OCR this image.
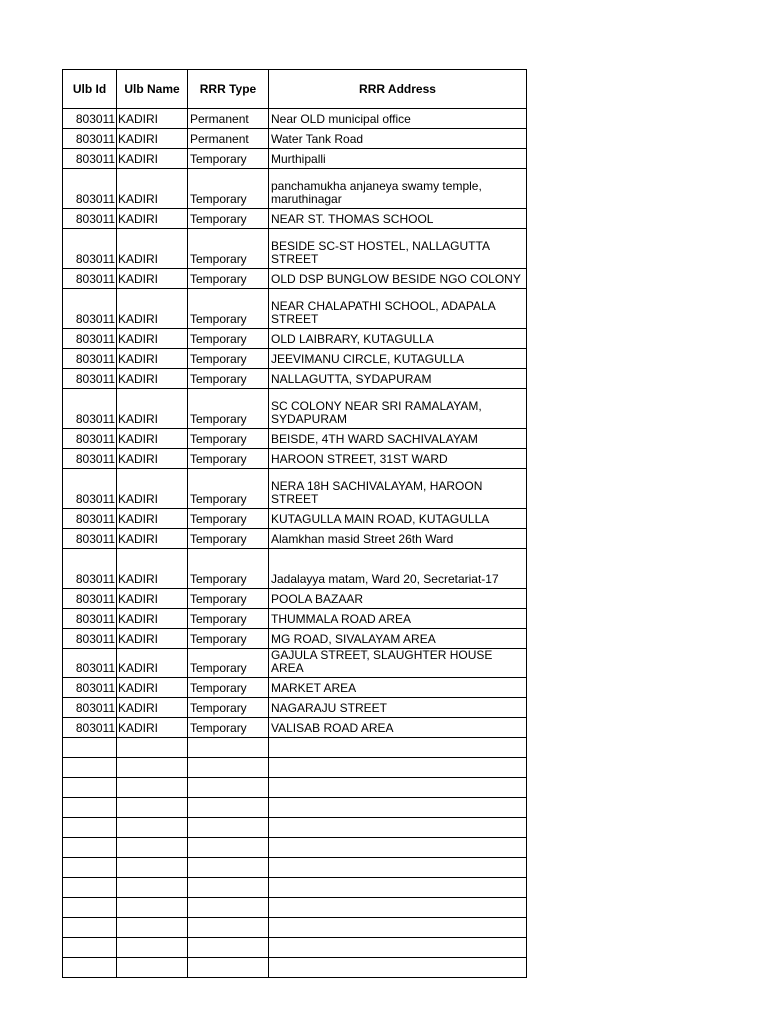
Ulb Id	Ulb Name	RRR Type	RRR Address
803011	KADIRI	Permanent	Near OLD municipal office
803011	KADIRI	Permanent	Water Tank Road
803011	KADIRI	Temporary	Murthipalli
803011	KADIRI	Temporary	panchamukha anjaneya swamy temple, maruthinagar
803011	KADIRI	Temporary	NEAR ST. THOMAS SCHOOL
803011	KADIRI	Temporary	BESIDE SC-ST HOSTEL, NALLAGUTTA STREET
803011	KADIRI	Temporary	OLD DSP BUNGLOW BESIDE NGO COLONY
803011	KADIRI	Temporary	NEAR CHALAPATHI SCHOOL, ADAPALA STREET
803011	KADIRI	Temporary	OLD LAIBRARY, KUTAGULLA
803011	KADIRI	Temporary	JEEVIMANU CIRCLE, KUTAGULLA
803011	KADIRI	Temporary	NALLAGUTTA, SYDAPURAM
803011	KADIRI	Temporary	SC COLONY NEAR SRI RAMALAYAM, SYDAPURAM
803011	KADIRI	Temporary	BEISDE, 4TH WARD SACHIVALAYAM
803011	KADIRI	Temporary	HAROON STREET, 31ST WARD
803011	KADIRI	Temporary	NERA 18H SACHIVALAYAM, HAROON STREET
803011	KADIRI	Temporary	KUTAGULLA MAIN ROAD, KUTAGULLA
803011	KADIRI	Temporary	Alamkhan masid Street 26th Ward
803011	KADIRI	Temporary	Jadalayya matam, Ward 20, Secretariat-17
803011	KADIRI	Temporary	POOLA BAZAAR
803011	KADIRI	Temporary	THUMMALA ROAD AREA
803011	KADIRI	Temporary	MG ROAD, SIVALAYAM AREA
803011	KADIRI	Temporary	GAJULA STREET, SLAUGHTER HOUSE AREA
803011	KADIRI	Temporary	MARKET AREA
803011	KADIRI	Temporary	NAGARAJU STREET
803011	KADIRI	Temporary	VALISAB ROAD AREA
